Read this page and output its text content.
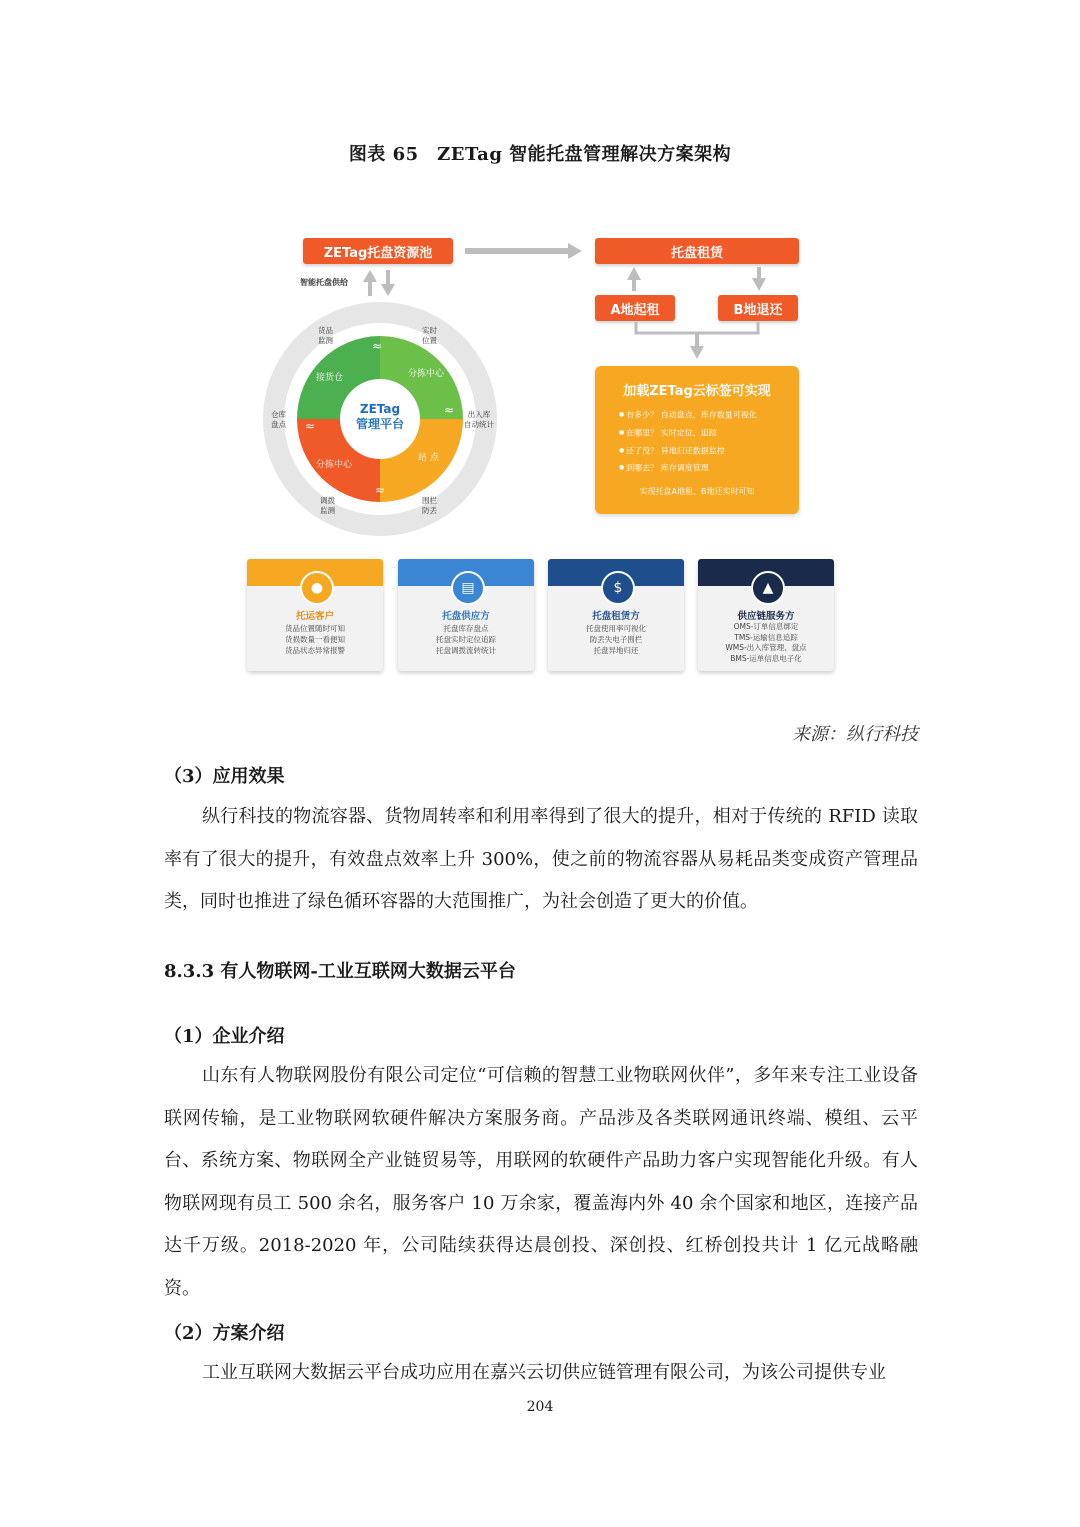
图表 65　ZETag 智能托盘管理解决方案架构
ZETag托盘资源池	托盘租赁
A地起租	B地退还
智能托盘供给
≈
≈
≈
≈
ZETag
管理平台
接货仓	分拣中心
站 点
分拣中心
货品
监测
实时
位置
出入库
自动统计
围栏
防丢
调拨
监测
仓库
盘点
加载ZETag云标签可实现
● 有多少？ 自动盘点、库存数量可视化
● 在哪里？ 实时定位、追踪
● 还了没？ 异地归还数据监控
● 到哪去？ 库存调度管理
实现托盘A地租、B地还实时可知
●
托运客户
货品位置随时可知
货损数量一看便知
货品状态异常报警
▤
托盘供应方
托盘库存盘点
托盘实时定位追踪
托盘调拨流转统计
$
托盘租赁方
托盘使用率可视化
防丢失电子围栏
托盘异地归还
▲
供应链服务方
OMS-订单信息绑定
TMS-运输信息追踪
WMS-出入库管理、盘点
BMS-运单信息电子化
来源：纵行科技
（3）应用效果
纵行科技的物流容器、货物周转率和利用率得到了很大的提升，相对于传统的 RFID 读取率有了很大的提升，有效盘点效率上升 300%，使之前的物流容器从易耗品类变成资产管理品类，同时也推进了绿色循环容器的大范围推广，为社会创造了更大的价值。
8.3.3 有人物联网-工业互联网大数据云平台
（1）企业介绍
山东有人物联网股份有限公司定位“可信赖的智慧工业物联网伙伴”，多年来专注工业设备联网传输，是工业物联网软硬件解决方案服务商。产品涉及各类联网通讯终端、模组、云平台、系统方案、物联网全产业链贸易等，用联网的软硬件产品助力客户实现智能化升级。有人物联网现有员工 500 余名，服务客户 10 万余家，覆盖海内外 40 余个国家和地区，连接产品达千万级。2018-2020 年，公司陆续获得达晨创投、深创投、红桥创投共计 1 亿元战略融资。
（2）方案介绍
工业互联网大数据云平台成功应用在嘉兴云切供应链管理有限公司，为该公司提供专业
204
